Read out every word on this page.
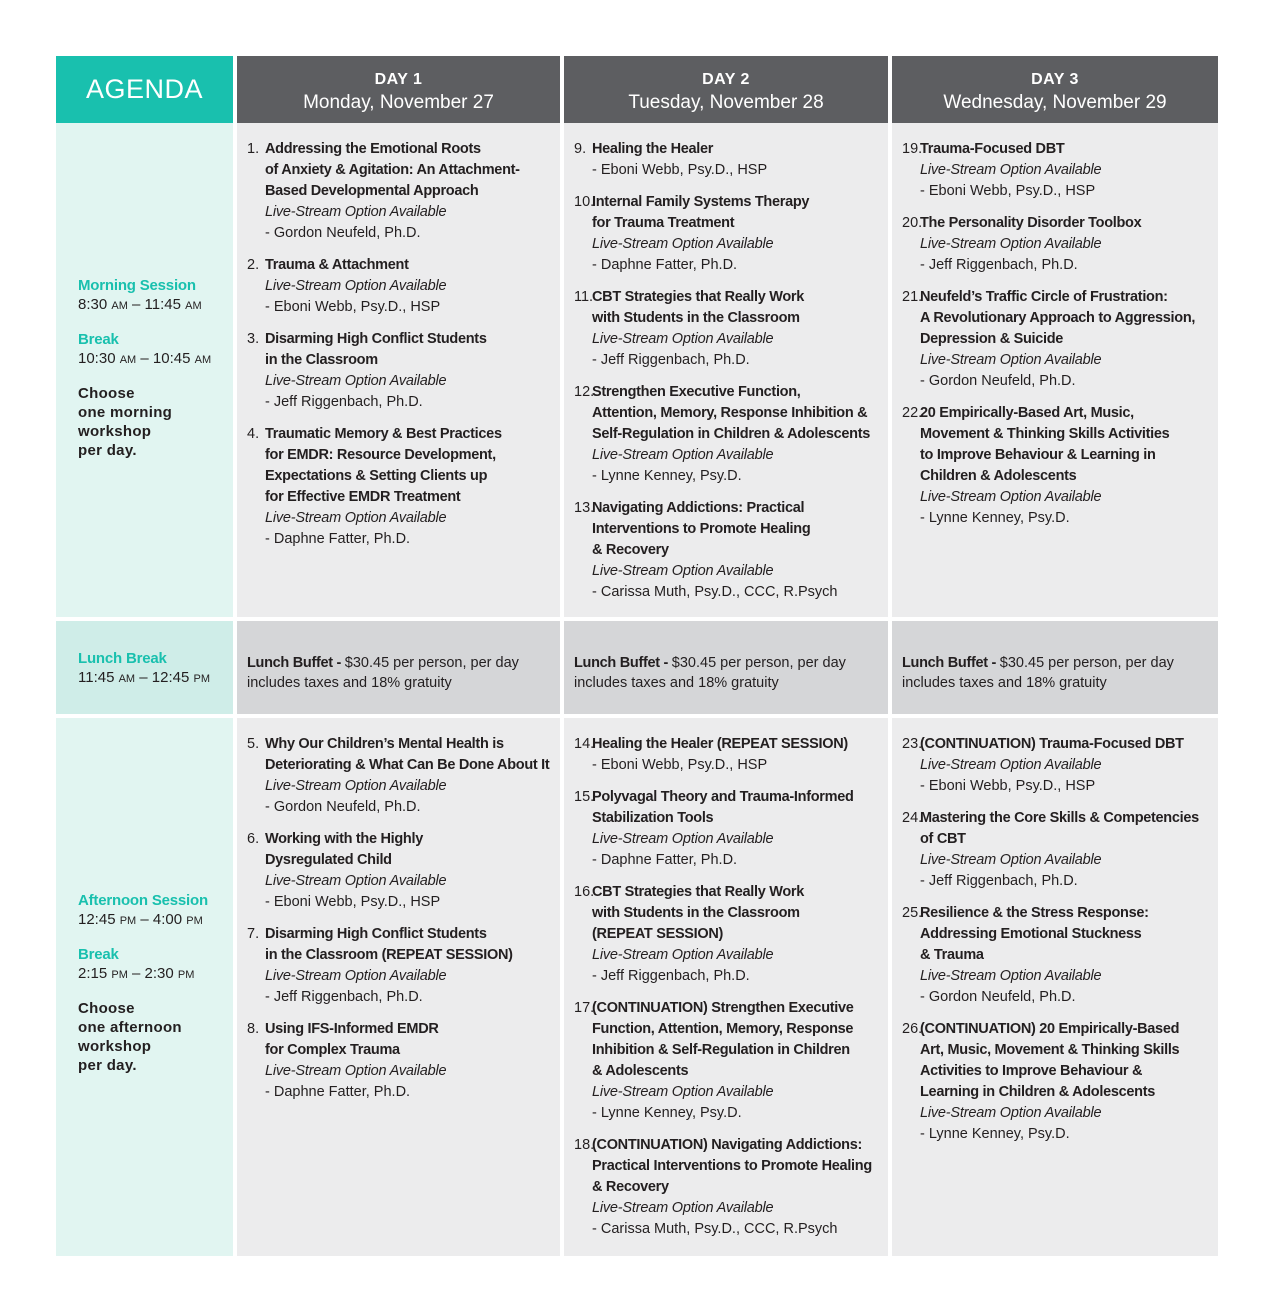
AGENDA	DAY 1
Monday, November 27
DAY 2
Tuesday, November 28
DAY 3
Wednesday, November 29
Morning Session
8:30 AM – 11:45 AM
Break
10:30 AM – 10:45 AM
Choose
one morning
workshop
per day.
1. Addressing the Emotional Roots
of Anxiety & Agitation: An Attachment-
Based Developmental Approach
Live-Stream Option Available
- Gordon Neufeld, Ph.D.
2. Trauma & Attachment
Live-Stream Option Available
- Eboni Webb, Psy.D., HSP
3. Disarming High Conflict Students
in the Classroom
Live-Stream Option Available
- Jeff Riggenbach, Ph.D.
4. Traumatic Memory & Best Practices
for EMDR: Resource Development,
Expectations & Setting Clients up
for Effective EMDR Treatment
Live-Stream Option Available
- Daphne Fatter, Ph.D.
9. Healing the Healer
- Eboni Webb, Psy.D., HSP
10.
Internal Family Systems Therapy
for Trauma Treatment
Live-Stream Option Available
- Daphne Fatter, Ph.D.
11.
CBT Strategies that Really Work
with Students in the Classroom
Live-Stream Option Available
- Jeff Riggenbach, Ph.D.
12.
Strengthen Executive Function,
Attention, Memory, Response Inhibition &
Self-Regulation in Children & Adolescents
Live-Stream Option Available
- Lynne Kenney, Psy.D.
13.
Navigating Addictions: Practical
Interventions to Promote Healing
& Recovery
Live-Stream Option Available
- Carissa Muth, Psy.D., CCC, R.Psych
19.
Trauma-Focused DBT
Live-Stream Option Available
- Eboni Webb, Psy.D., HSP
20.
The Personality Disorder Toolbox
Live-Stream Option Available
- Jeff Riggenbach, Ph.D.
21.
Neufeld’s Traffic Circle of Frustration:
A Revolutionary Approach to Aggression,
Depression & Suicide
Live-Stream Option Available
- Gordon Neufeld, Ph.D.
22.
20 Empirically-Based Art, Music,
Movement & Thinking Skills Activities
to Improve Behaviour & Learning in
Children & Adolescents
Live-Stream Option Available
- Lynne Kenney, Psy.D.
Lunch Break
11:45 AM – 12:45 PM
Lunch Buffet - $30.45 per person, per day
includes taxes and 18% gratuity
Lunch Buffet - $30.45 per person, per day
includes taxes and 18% gratuity
Lunch Buffet - $30.45 per person, per day
includes taxes and 18% gratuity
Afternoon Session
12:45 PM – 4:00 PM
Break
2:15 PM – 2:30 PM
Choose
one afternoon
workshop
per day.
5. Why Our Children’s Mental Health is
Deteriorating & What Can Be Done About It
Live-Stream Option Available
- Gordon Neufeld, Ph.D.
6. Working with the Highly
Dysregulated Child
Live-Stream Option Available
- Eboni Webb, Psy.D., HSP
7. Disarming High Conflict Students
in the Classroom (REPEAT SESSION)
Live-Stream Option Available
- Jeff Riggenbach, Ph.D.
8. Using IFS-Informed EMDR
for Complex Trauma
Live-Stream Option Available
- Daphne Fatter, Ph.D.
14.
Healing the Healer (REPEAT SESSION)
- Eboni Webb, Psy.D., HSP
15.
Polyvagal Theory and Trauma-Informed
Stabilization Tools
Live-Stream Option Available
- Daphne Fatter, Ph.D.
16.
CBT Strategies that Really Work
with Students in the Classroom
(REPEAT SESSION)
Live-Stream Option Available
- Jeff Riggenbach, Ph.D.
17.
(CONTINUATION) Strengthen Executive
Function, Attention, Memory, Response
Inhibition & Self-Regulation in Children
& Adolescents
Live-Stream Option Available
- Lynne Kenney, Psy.D.
18.
(CONTINUATION) Navigating Addictions:
Practical Interventions to Promote Healing
& Recovery
Live-Stream Option Available
- Carissa Muth, Psy.D., CCC, R.Psych
23.
(CONTINUATION) Trauma-Focused DBT
Live-Stream Option Available
- Eboni Webb, Psy.D., HSP
24.
Mastering the Core Skills & Competencies
of CBT
Live-Stream Option Available
- Jeff Riggenbach, Ph.D.
25.
Resilience & the Stress Response:
Addressing Emotional Stuckness
& Trauma
Live-Stream Option Available
- Gordon Neufeld, Ph.D.
26.
(CONTINUATION) 20 Empirically-Based
Art, Music, Movement & Thinking Skills
Activities to Improve Behaviour &
Learning in Children & Adolescents
Live-Stream Option Available
- Lynne Kenney, Psy.D.
